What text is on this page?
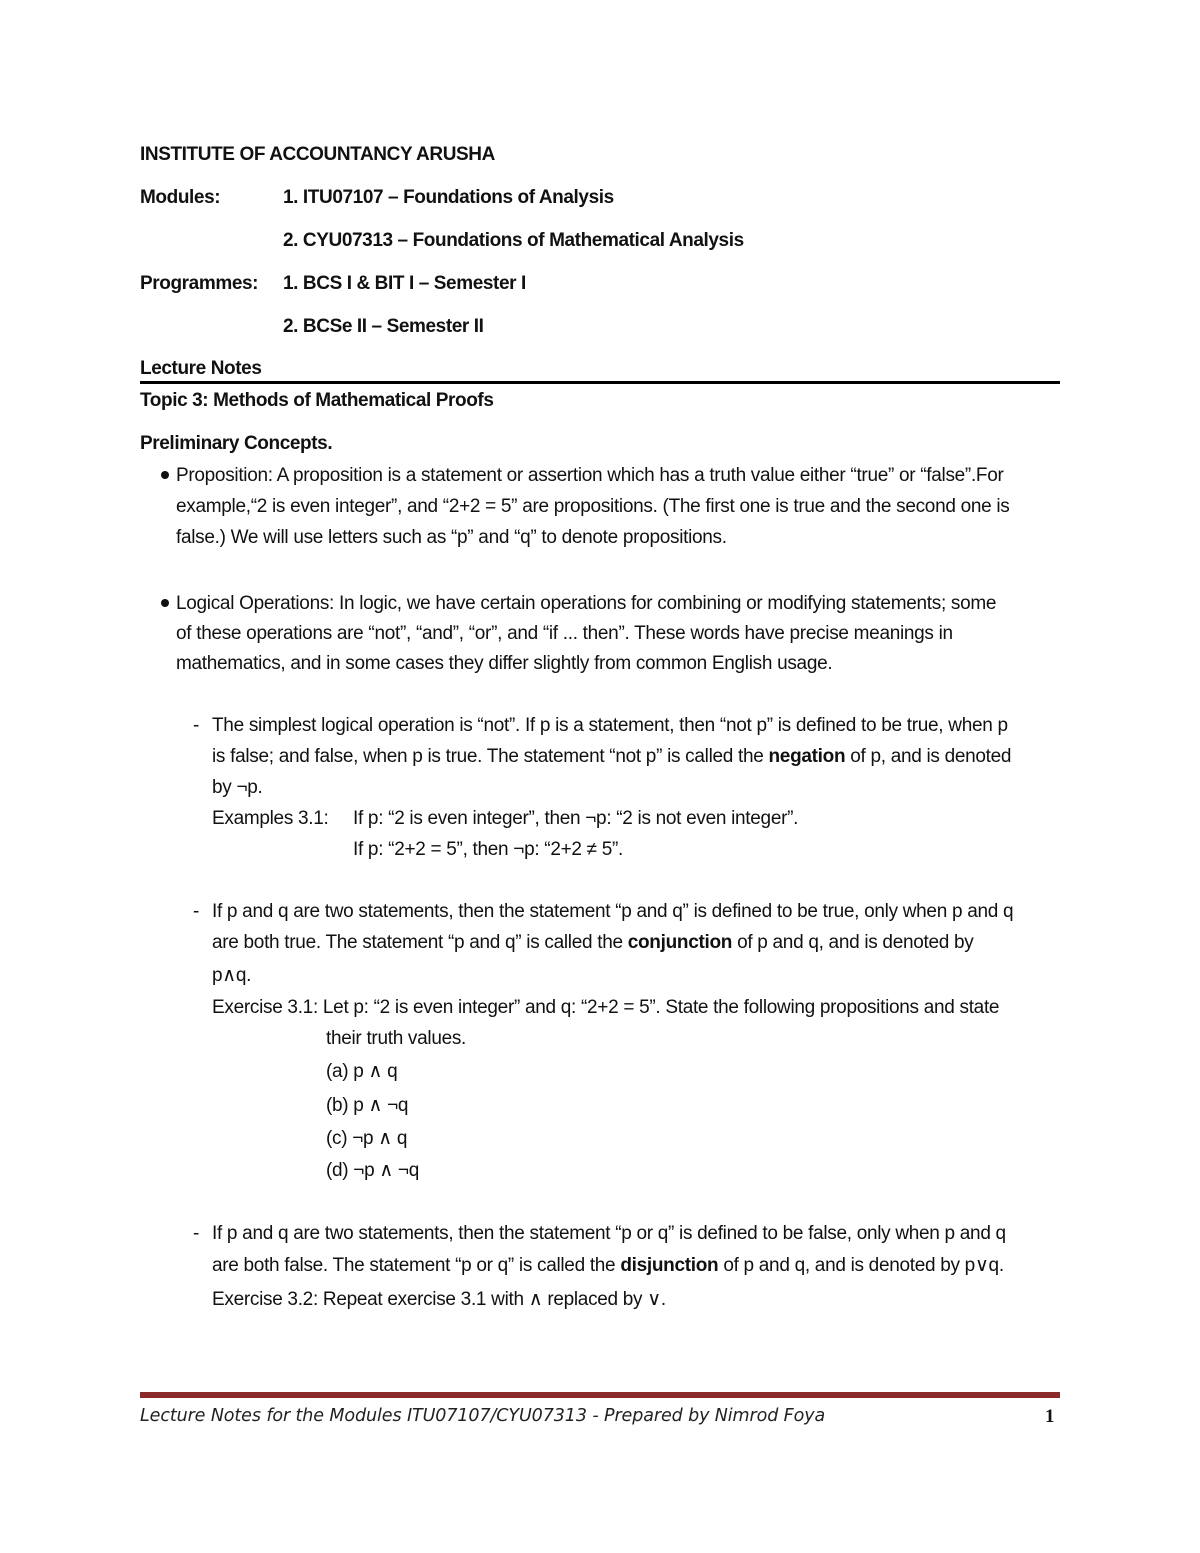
INSTITUTE OF ACCOUNTANCY ARUSHA
Modules:	1. ITU07107 – Foundations of Analysis
2. CYU07313 – Foundations of Mathematical Analysis
Programmes: 1. BCS I & BIT I – Semester I
2. BCSe II – Semester II
Lecture Notes
Topic 3: Methods of Mathematical Proofs
Preliminary Concepts.
Proposition: A proposition is a statement or assertion which has a truth value either “true” or “false”.For
example,“2 is even integer”, and “2+2 = 5” are propositions. (The first one is true and the second one is
false.) We will use letters such as “p” and “q” to denote propositions.
Logical Operations: In logic, we have certain operations for combining or modifying statements; some
of these operations are “not”, “and”, “or”, and “if ... then”. These words have precise meanings in
mathematics, and in some cases they differ slightly from common English usage.
- The simplest logical operation is “not”. If p is a statement, then “not p” is defined to be true, when p
is false; and false, when p is true. The statement “not p” is called the negation of p, and is denoted
by ¬p.
Examples 3.1: If p: “2 is even integer”, then ¬p: “2 is not even integer”.
If p: “2+2 = 5”, then ¬p: “2+2 ≠ 5”.
- If p and q are two statements, then the statement “p and q” is defined to be true, only when p and q
are both true. The statement “p and q” is called the conjunction of p and q, and is denoted by
p∧q.
Exercise 3.1: Let p: “2 is even integer” and q: “2+2 = 5”. State the following propositions and state
their truth values.
(a) p ∧ q
(b) p ∧ ¬q
(c) ¬p ∧ q
(d) ¬p ∧ ¬q
- If p and q are two statements, then the statement “p or q” is defined to be false, only when p and q
are both false. The statement “p or q” is called the disjunction of p and q, and is denoted by p∨q.
Exercise 3.2: Repeat exercise 3.1 with ∧ replaced by ∨.
Lecture Notes for the Modules ITU07107/CYU07313 - Prepared by Nimrod Foya	1
